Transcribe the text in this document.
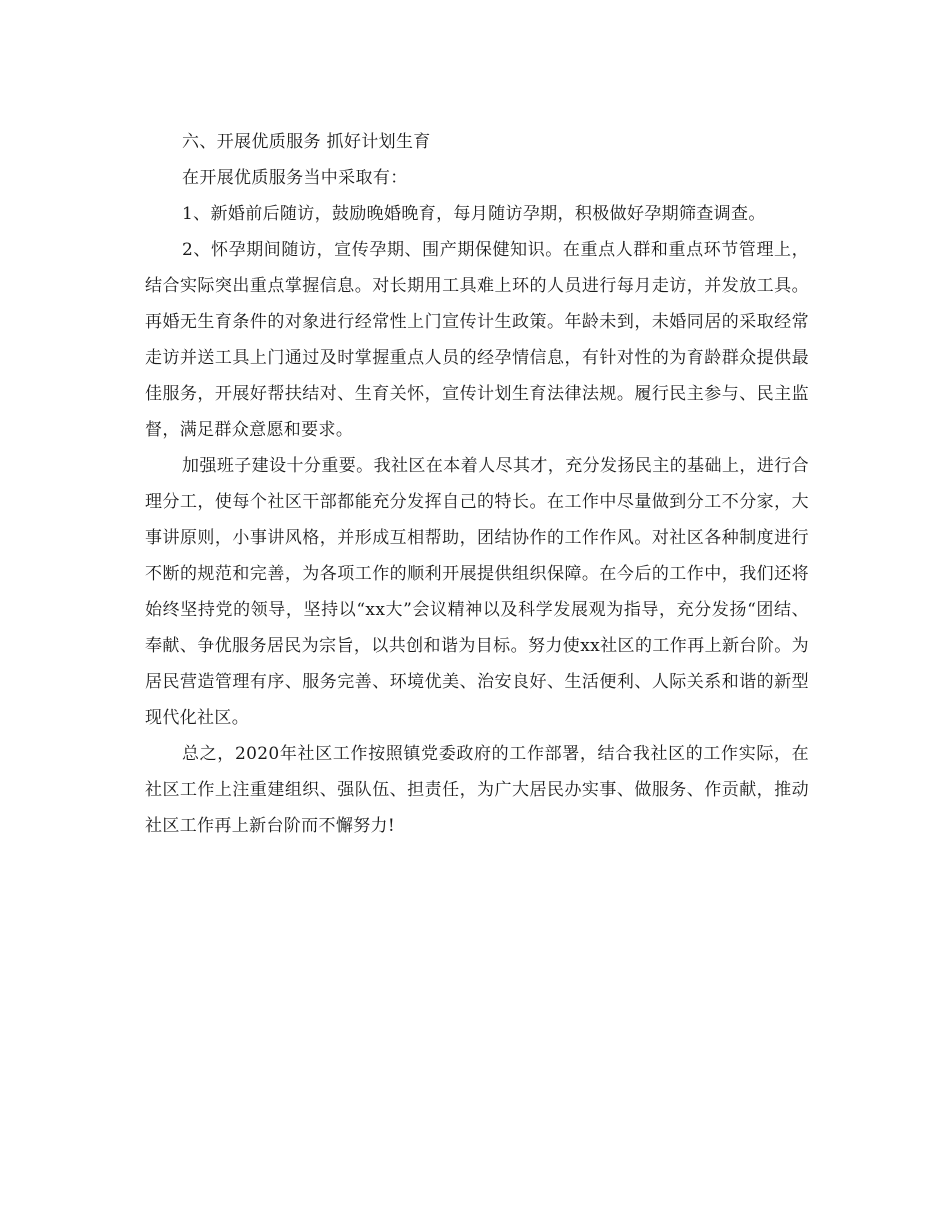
六、开展优质服务 抓好计划生育

在开展优质服务当中采取有：

1、新婚前后随访，鼓励晚婚晚育，每月随访孕期，积极做好孕期筛查调查。

2、怀孕期间随访，宣传孕期、围产期保健知识。在重点人群和重点环节管理上，结合实际突出重点掌握信息。对长期用工具难上环的人员进行每月走访，并发放工具。再婚无生育条件的对象进行经常性上门宣传计生政策。年龄未到，未婚同居的采取经常走访并送工具上门通过及时掌握重点人员的经孕情信息，有针对性的为育龄群众提供最佳服务，开展好帮扶结对、生育关怀，宣传计划生育法律法规。履行民主参与、民主监督，满足群众意愿和要求。

加强班子建设十分重要。我社区在本着人尽其才，充分发扬民主的基础上，进行合理分工，使每个社区干部都能充分发挥自己的特长。在工作中尽量做到分工不分家，大事讲原则，小事讲风格，并形成互相帮助，团结协作的工作作风。对社区各种制度进行不断的规范和完善，为各项工作的顺利开展提供组织保障。在今后的工作中，我们还将始终坚持党的领导，坚持以“xx大”会议精神以及科学发展观为指导，充分发扬“团结、奉献、争优服务居民为宗旨，以共创和谐为目标。努力使xx社区的工作再上新台阶。为居民营造管理有序、服务完善、环境优美、治安良好、生活便利、人际关系和谐的新型现代化社区。

总之，2020年社区工作按照镇党委政府的工作部署，结合我社区的工作实际，在社区工作上注重建组织、强队伍、担责任，为广大居民办实事、做服务、作贡献，推动社区工作再上新台阶而不懈努力!
